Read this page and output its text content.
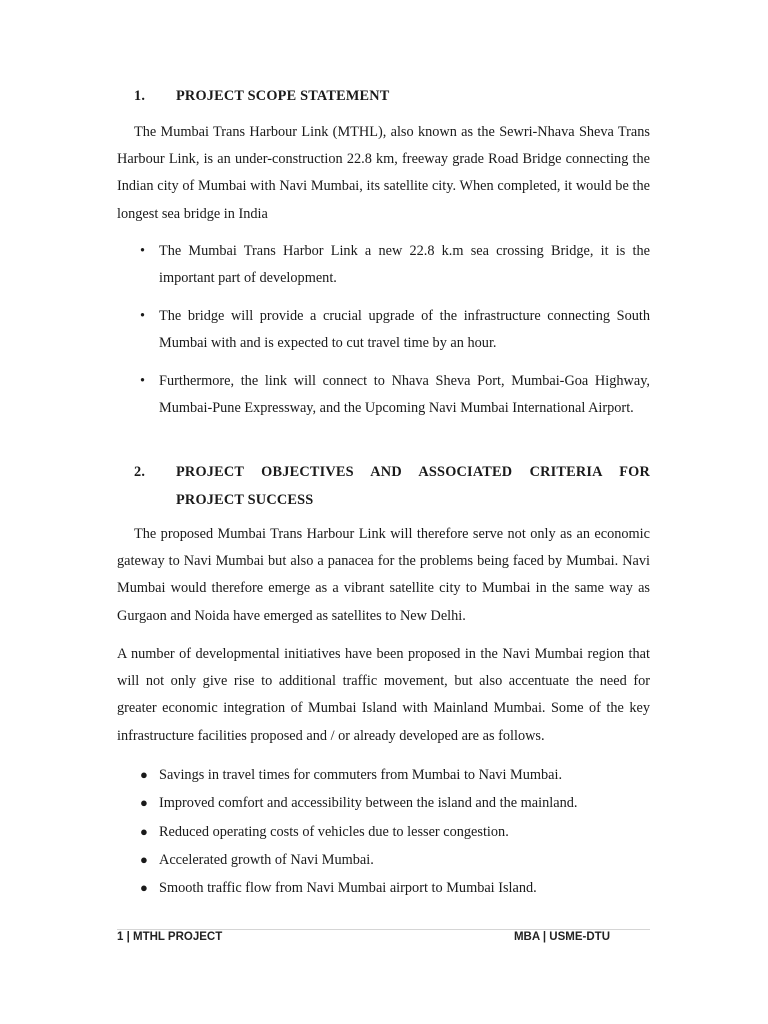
1.	PROJECT SCOPE STATEMENT

The Mumbai Trans Harbour Link (MTHL), also known as the Sewri-Nhava Sheva Trans Harbour Link, is an under-construction 22.8 km, freeway grade Road Bridge connecting the Indian city of Mumbai with Navi Mumbai, its satellite city. When completed, it would be the longest sea bridge in India

• The Mumbai Trans Harbor Link a new 22.8 k.m sea crossing Bridge, it is the important part of development.
• The bridge will provide a crucial upgrade of the infrastructure connecting South Mumbai with and is expected to cut travel time by an hour.
• Furthermore, the link will connect to Nhava Sheva Port, Mumbai-Goa Highway, Mumbai-Pune Expressway, and the Upcoming Navi Mumbai International Airport.
2.	PROJECT OBJECTIVES AND ASSOCIATED CRITERIA FOR PROJECT SUCCESS

The proposed Mumbai Trans Harbour Link will therefore serve not only as an economic gateway to Navi Mumbai but also a panacea for the problems being faced by Mumbai. Navi Mumbai would therefore emerge as a vibrant satellite city to Mumbai in the same way as Gurgaon and Noida have emerged as satellites to New Delhi.

A number of developmental initiatives have been proposed in the Navi Mumbai region that will not only give rise to additional traffic movement, but also accentuate the need for greater economic integration of Mumbai Island with Mainland Mumbai. Some of the key infrastructure facilities proposed and / or already developed are as follows.

● Savings in travel times for commuters from Mumbai to Navi Mumbai.
● Improved comfort and accessibility between the island and the mainland.
● Reduced operating costs of vehicles due to lesser congestion.
● Accelerated growth of Navi Mumbai.
● Smooth traffic flow from Navi Mumbai airport to Mumbai Island.
1 | MTHL PROJECT	MBA | USME-DTU
